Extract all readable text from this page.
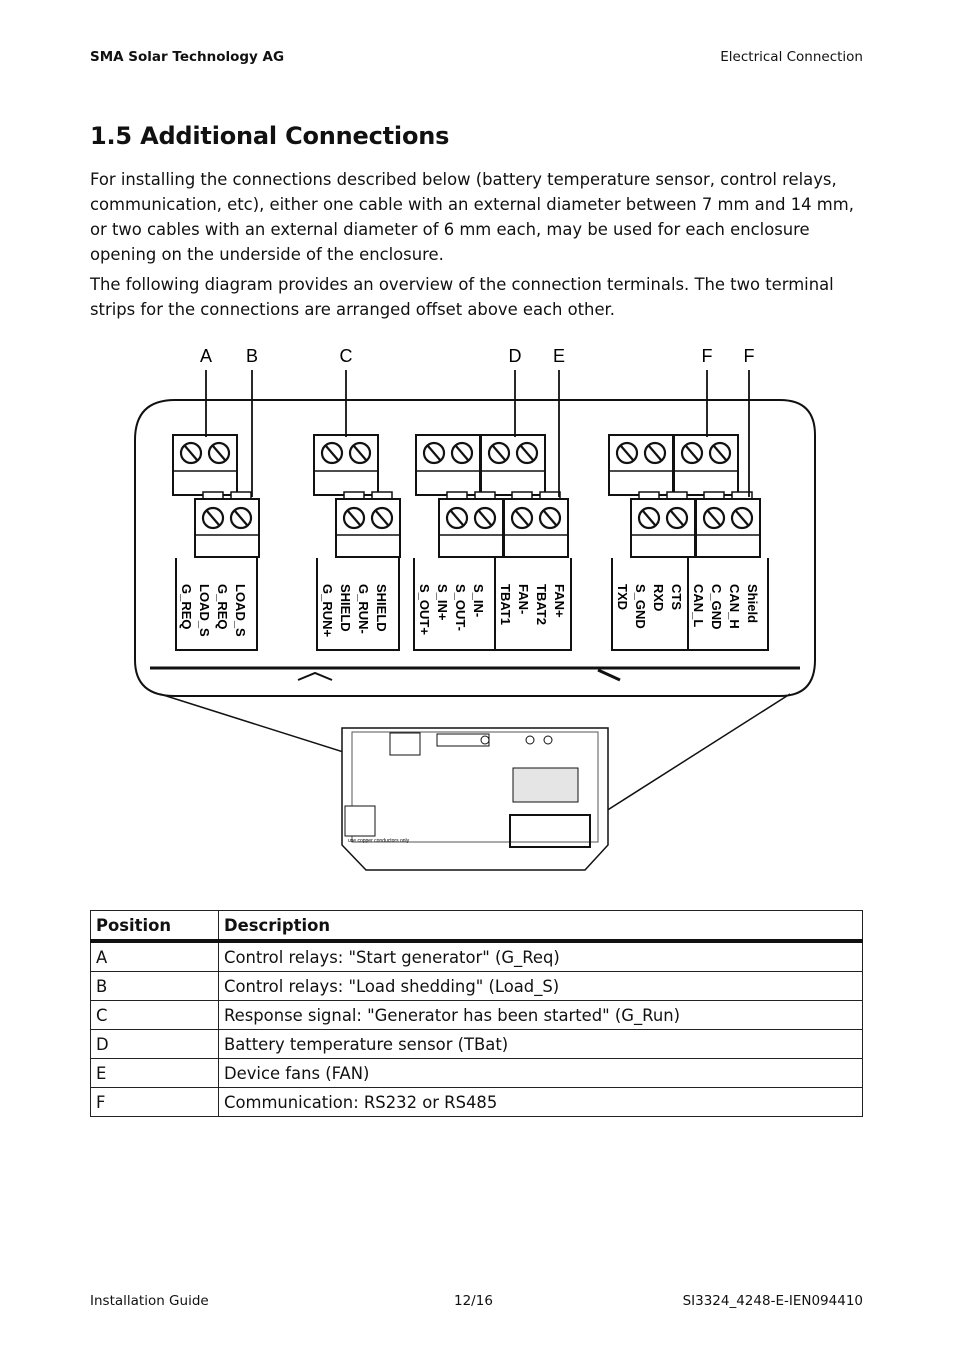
SMA Solar Technology AG	Electrical Connection
1.5 Additional Connections

For installing the connections described below (battery temperature sensor, control relays, communication, etc), either one cable with an external diameter between 7 mm and 14 mm, or two cables with an external diameter of 6 mm each, may be used for each enclosure opening on the underside of the enclosure.

The following diagram provides an overview of the connection terminals. The two terminal strips for the connections are arranged offset above each other.

G_REQ LOAD_S G_REQ LOAD_S	G_RUN+ SHIELD G_RUN- SHIELD S_OUT+ S_IN+ S_OUT- S_IN- TBAT1 FAN- TBAT2 FAN+	TXD S_GND RXD CTS CAN_L C_GND CAN_H Shield
A B	C	D E	F F
use copper conductors only
Position	Description
A	Control relays: "Start generator" (G_Req)
B	Control relays: "Load shedding" (Load_S)
C	Response signal: "Generator has been started" (G_Run)
D	Battery temperature sensor (TBat)
E	Device fans (FAN)
F	Communication: RS232 or RS485
Installation Guide	12/16	SI3324_4248-E-IEN094410
